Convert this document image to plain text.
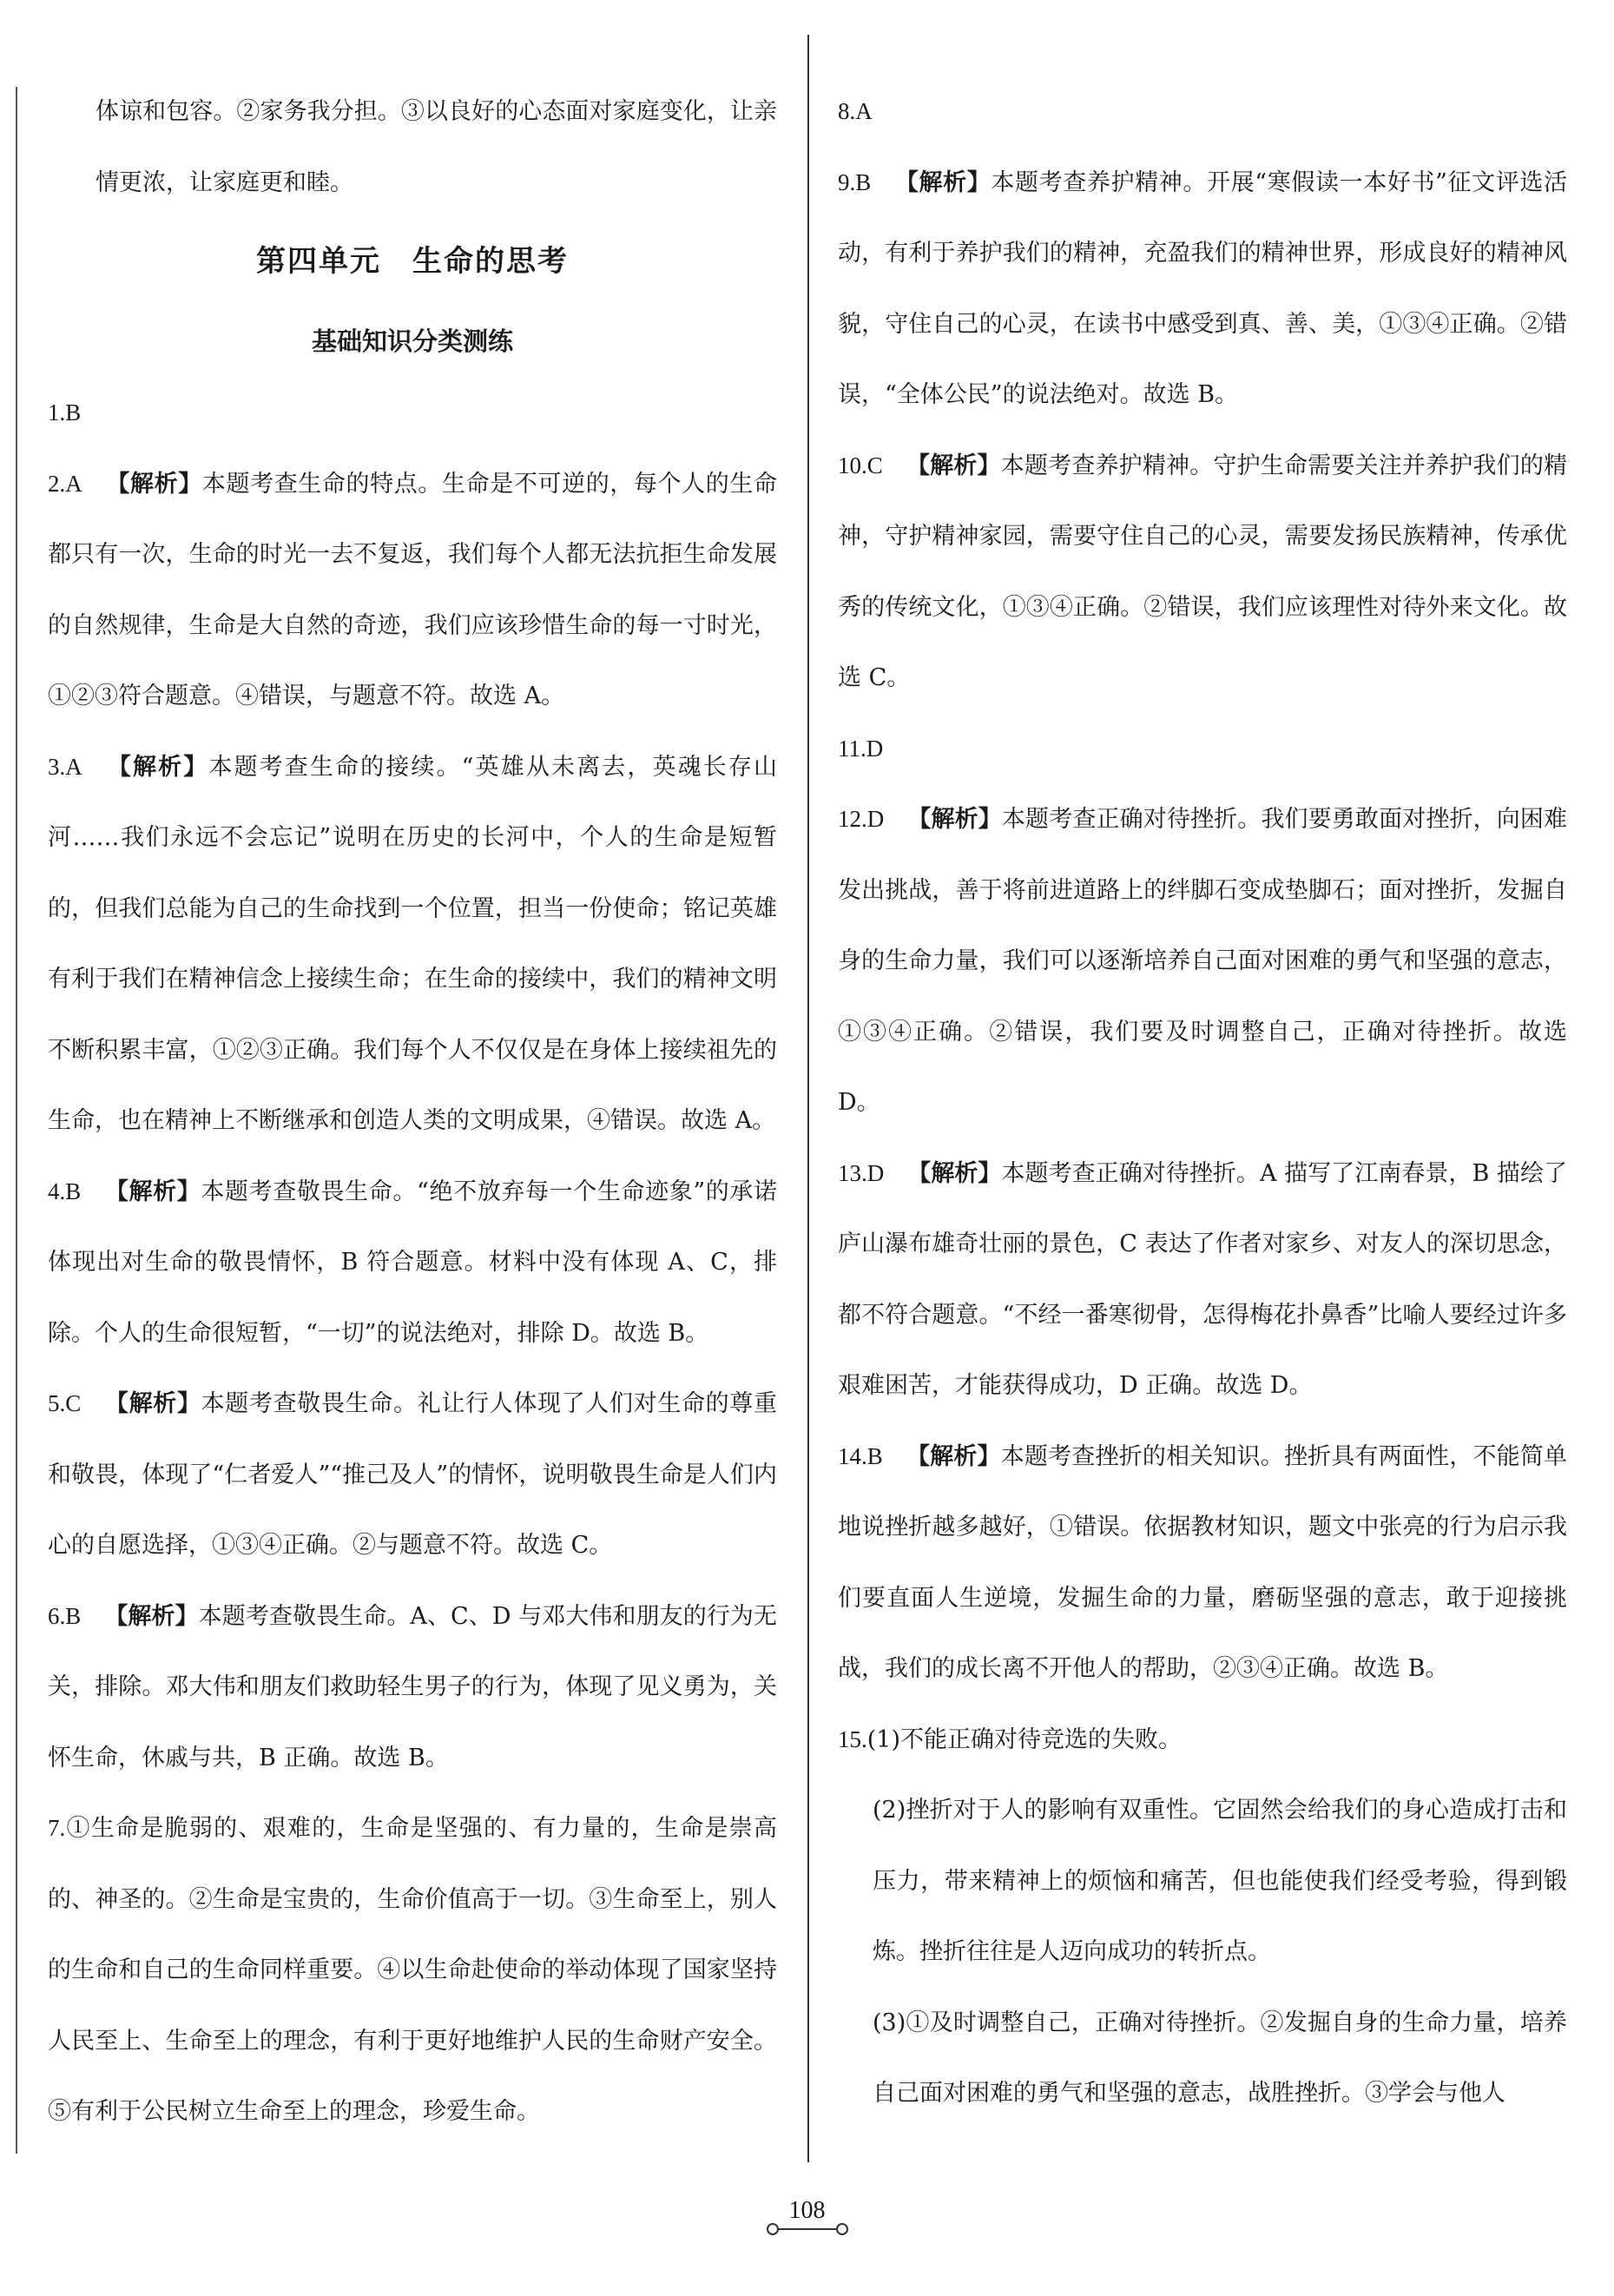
体谅和包容。②家务我分担。③以良好的心态面对家庭变化，让亲情更浓，让家庭更和睦。

第四单元　生命的思考

基础知识分类测练

1.B

2.A  【解析】本题考查生命的特点。生命是不可逆的，每个人的生命都只有一次，生命的时光一去不复返，我们每个人都无法抗拒生命发展的自然规律，生命是大自然的奇迹，我们应该珍惜生命的每一寸时光，①②③符合题意。④错误，与题意不符。故选 A。

3.A  【解析】本题考查生命的接续。“英雄从未离去，英魂长存山河……我们永远不会忘记”说明在历史的长河中，个人的生命是短暂的，但我们总能为自己的生命找到一个位置，担当一份使命；铭记英雄有利于我们在精神信念上接续生命；在生命的接续中，我们的精神文明不断积累丰富，①②③正确。我们每个人不仅仅是在身体上接续祖先的生命，也在精神上不断继承和创造人类的文明成果，④错误。故选 A。

4.B  【解析】本题考查敬畏生命。“绝不放弃每一个生命迹象”的承诺体现出对生命的敬畏情怀，B 符合题意。材料中没有体现 A、C，排除。个人的生命很短暂，“一切”的说法绝对，排除 D。故选 B。

5.C  【解析】本题考查敬畏生命。礼让行人体现了人们对生命的尊重和敬畏，体现了“仁者爱人”“推己及人”的情怀，说明敬畏生命是人们内心的自愿选择，①③④正确。②与题意不符。故选 C。

6.B  【解析】本题考查敬畏生命。A、C、D 与邓大伟和朋友的行为无关，排除。邓大伟和朋友们救助轻生男子的行为，体现了见义勇为，关怀生命，休戚与共，B 正确。故选 B。

7.①生命是脆弱的、艰难的，生命是坚强的、有力量的，生命是崇高的、神圣的。②生命是宝贵的，生命价值高于一切。③生命至上，别人的生命和自己的生命同样重要。④以生命赴使命的举动体现了国家坚持人民至上、生命至上的理念，有利于更好地维护人民的生命财产安全。⑤有利于公民树立生命至上的理念，珍爱生命。

8.A

9.B  【解析】本题考查养护精神。开展“寒假读一本好书”征文评选活动，有利于养护我们的精神，充盈我们的精神世界，形成良好的精神风貌，守住自己的心灵，在读书中感受到真、善、美，①③④正确。②错误，“全体公民”的说法绝对。故选 B。

10.C  【解析】本题考查养护精神。守护生命需要关注并养护我们的精神，守护精神家园，需要守住自己的心灵，需要发扬民族精神，传承优秀的传统文化，①③④正确。②错误，我们应该理性对待外来文化。故选 C。

11.D

12.D  【解析】本题考查正确对待挫折。我们要勇敢面对挫折，向困难发出挑战，善于将前进道路上的绊脚石变成垫脚石；面对挫折，发掘自身的生命力量，我们可以逐渐培养自己面对困难的勇气和坚强的意志，①③④正确。②错误，我们要及时调整自己，正确对待挫折。故选 D。

13.D  【解析】本题考查正确对待挫折。A 描写了江南春景，B 描绘了庐山瀑布雄奇壮丽的景色，C 表达了作者对家乡、对友人的深切思念，都不符合题意。“不经一番寒彻骨，怎得梅花扑鼻香”比喻人要经过许多艰难困苦，才能获得成功，D 正确。故选 D。

14.B  【解析】本题考查挫折的相关知识。挫折具有两面性，不能简单地说挫折越多越好，①错误。依据教材知识，题文中张亮的行为启示我们要直面人生逆境，发掘生命的力量，磨砺坚强的意志，敢于迎接挑战，我们的成长离不开他人的帮助，②③④正确。故选 B。

15.(1)不能正确对待竞选的失败。

(2)挫折对于人的影响有双重性。它固然会给我们的身心造成打击和压力，带来精神上的烦恼和痛苦，但也能使我们经受考验，得到锻炼。挫折往往是人迈向成功的转折点。

(3)①及时调整自己，正确对待挫折。②发掘自身的生命力量，培养自己面对困难的勇气和坚强的意志，战胜挫折。③学会与他人

108
